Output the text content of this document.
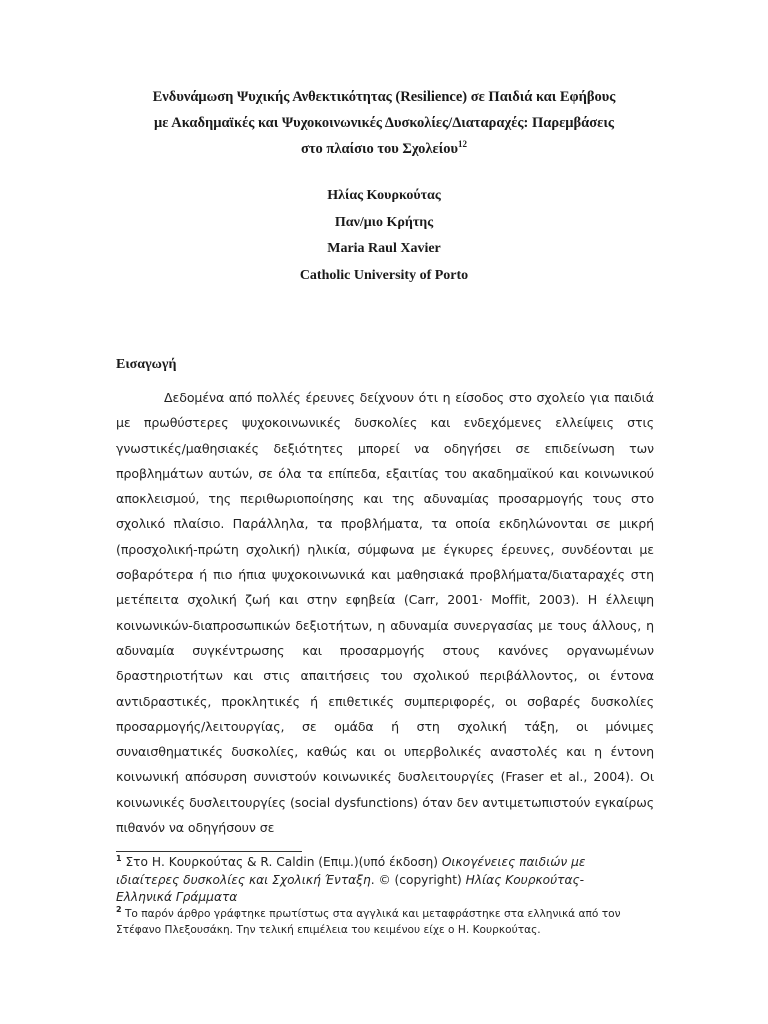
Ενδυνάμωση Ψυχικής Ανθεκτικότητας (Resilience) σε Παιδιά και Εφήβους
με Ακαδημαϊκές και Ψυχοκοινωνικές Δυσκολίες/Διαταραχές: Παρεμβάσεις
στο πλαίσιο του Σχολείου$^{12}$
Ηλίας Κουρκούτας
Παν/μιο Κρήτης
Maria Raul Xavier
Catholic University of Porto
Εισαγωγή

Δεδομένα από πολλές έρευνες δείχνουν ότι η είσοδος στο σχολείο για παιδιά με πρωθύστερες ψυχοκοινωνικές δυσκολίες και ενδεχόμενες ελλείψεις στις γνωστικές/μαθησιακές δεξιότητες μπορεί να οδηγήσει σε επιδείνωση των προβλημάτων αυτών, σε όλα τα επίπεδα, εξαιτίας του ακαδημαϊκού και κοινωνικού αποκλεισμού, της περιθωριοποίησης και της αδυναμίας προσαρμογής τους στο σχολικό πλαίσιο. Παράλληλα, τα προβλήματα, τα οποία εκδηλώνονται σε μικρή (προσχολική-πρώτη σχολική) ηλικία, σύμφωνα με έγκυρες έρευνες, συνδέονται με σοβαρότερα ή πιο ήπια ψυχοκοινωνικά και μαθησιακά προβλήματα/διαταραχές στη μετέπειτα σχολική ζωή και στην εφηβεία (Carr, 2001· Moffit, 2003). Η έλλειψη κοινωνικών-διαπροσωπικών δεξιοτήτων, η αδυναμία συνεργασίας με τους άλλους, η αδυναμία συγκέντρωσης και προσαρμογής στους κανόνες οργανωμένων δραστηριοτήτων και στις απαιτήσεις του σχολικού περιβάλλοντος, οι έντονα αντιδραστικές, προκλητικές ή επιθετικές συμπεριφορές, οι σοβαρές δυσκολίες προσαρμογής/λειτουργίας, σε ομάδα ή στη σχολική τάξη, οι μόνιμες συναισθηματικές δυσκολίες, καθώς και οι υπερβολικές αναστολές και η έντονη κοινωνική απόσυρση συνιστούν κοινωνικές δυσλειτουργίες (Fraser et al., 2004). Οι κοινωνικές δυσλειτουργίες (social dysfunctions) όταν δεν αντιμετωπιστούν εγκαίρως πιθανόν να οδηγήσουν σε

$^1$ Στο Η. Κουρκούτας & R. Caldin (Επιμ.)(υπό έκδοση) Οικογένειες παιδιών με ιδιαίτερες δυσκολίες και Σχολική Ένταξη. © (copyright) Ηλίας Κουρκούτας- Ελληνικά Γράμματα

$^2$ Το παρόν άρθρο γράφτηκε πρωτίστως στα αγγλικά και μεταφράστηκε στα ελληνικά από τον Στέφανο Πλεξουσάκη. Την τελική επιμέλεια του κειμένου είχε ο Η. Κουρκούτας.
